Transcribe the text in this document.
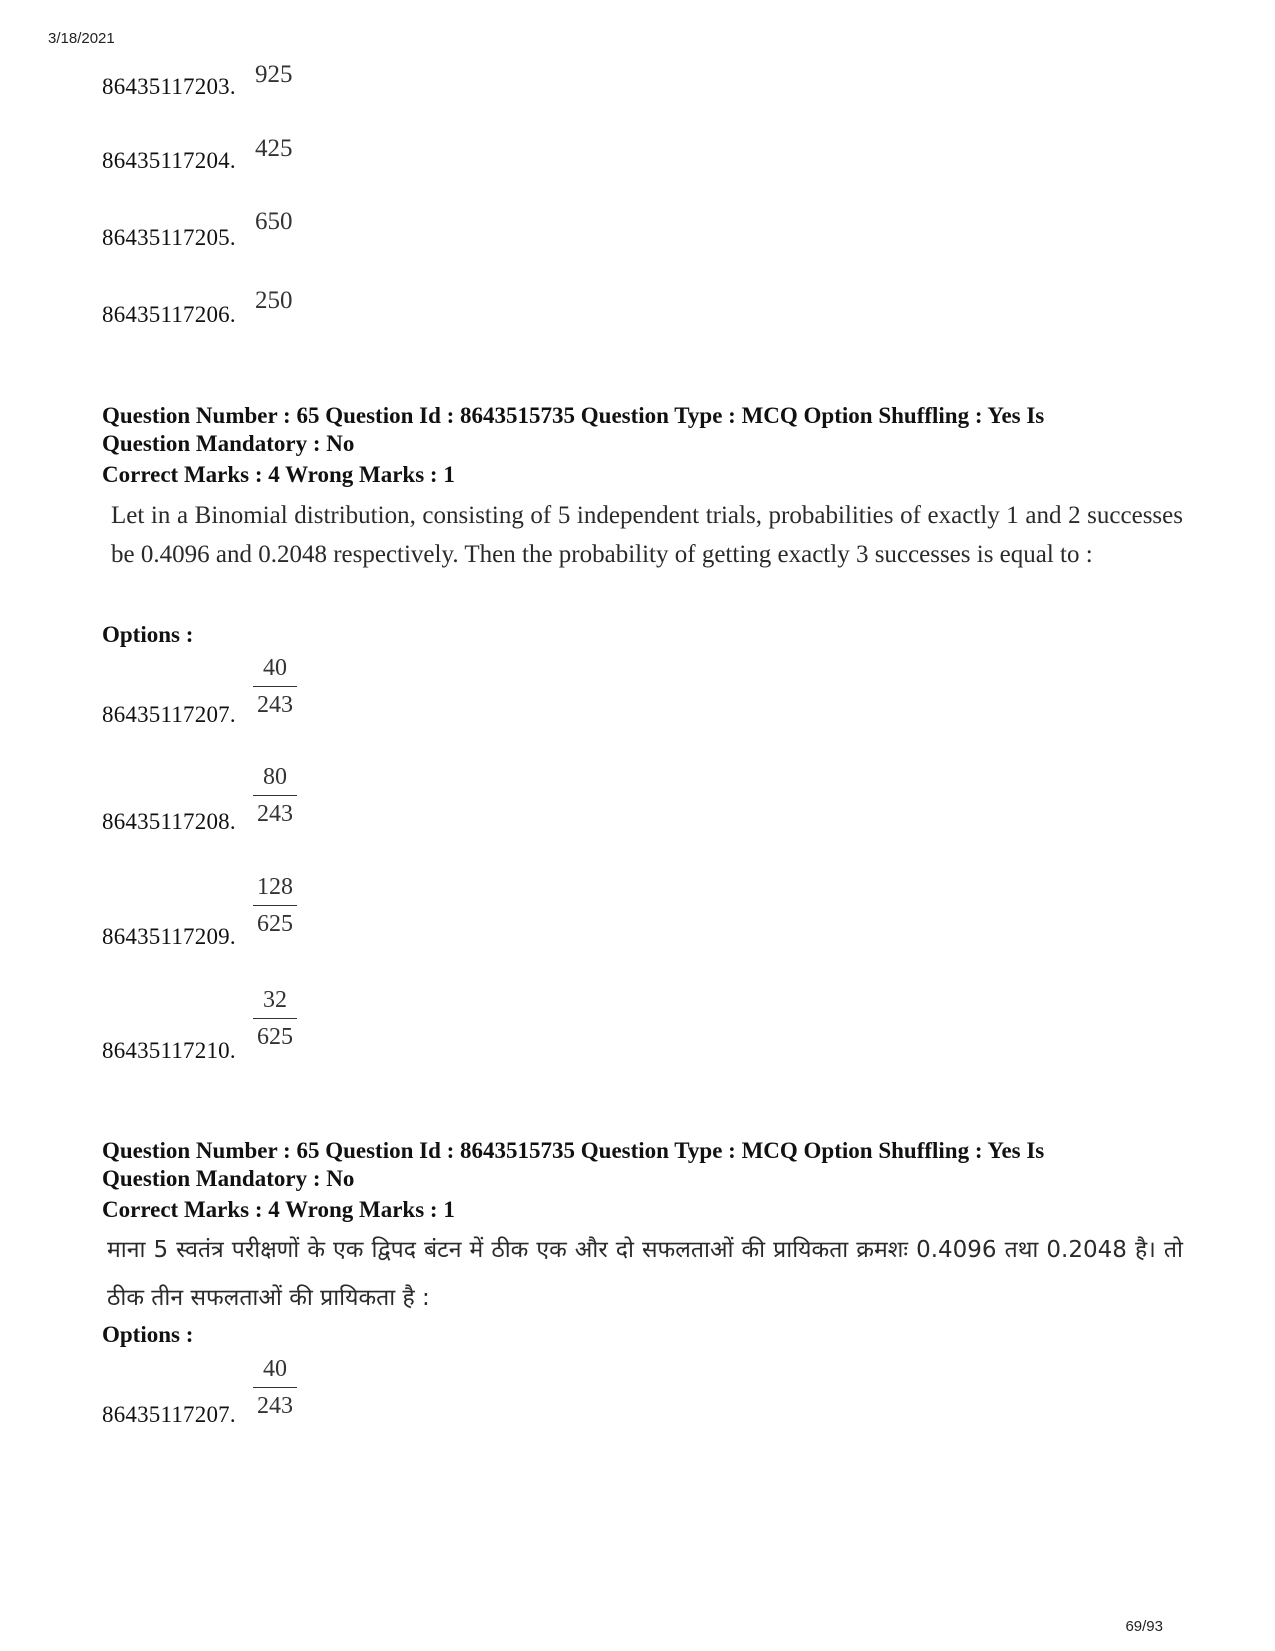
3/18/2021
69/93
86435117203. 925
86435117204. 425
86435117205.
650
86435117206.
250
Question Number : 65 Question Id : 8643515735 Question Type : MCQ Option Shuffling : Yes Is
Question Mandatory : No
Correct Marks : 4 Wrong Marks : 1
Let in a Binomial distribution, consisting of 5 independent trials, probabilities of exactly 1 and 2 successes be 0.4096 and 0.2048 respectively. Then the probability of getting exactly 3 successes is equal to :
Options :
86435117207.
40
243
86435117208.
80
243
86435117209.
128
625
86435117210.
32
625
Question Number : 65 Question Id : 8643515735 Question Type : MCQ Option Shuffling : Yes Is
Question Mandatory : No
Correct Marks : 4 Wrong Marks : 1
माना 5 स्वतंत्र परीक्षणों के एक द्विपद बंटन में ठीक एक और दो सफलताओं की प्रायिकता क्रमशः 0.4096 तथा 0.2048 है। तो ठीक तीन सफलताओं की प्रायिकता है :
Options :
86435117207.
40
243
